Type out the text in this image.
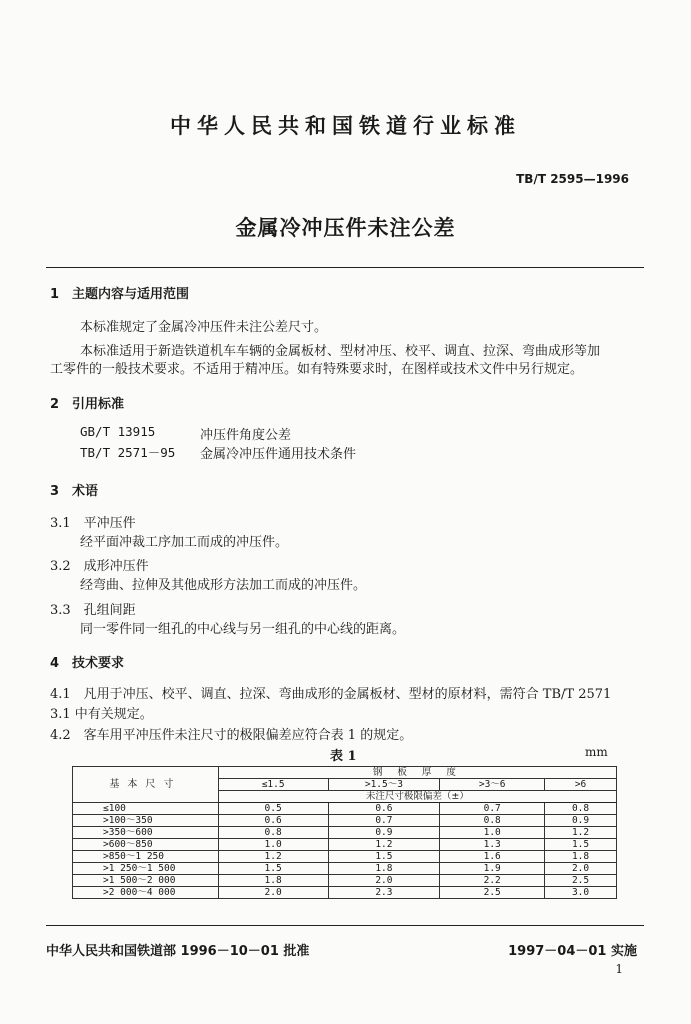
中华人民共和国铁道行业标准
TB/T 2595—1996
金属冷冲压件未注公差
1　主题内容与适用范围
本标准规定了金属冷冲压件未注公差尺寸。
本标准适用于新造铁道机车车辆的金属板材、型材冲压、校平、调直、拉深、弯曲成形等加
工零件的一般技术要求。不适用于精冲压。如有特殊要求时，在图样或技术文件中另行规定。
2　引用标准
GB/T 13915	冲压件角度公差
TB/T 2571－95 金属冷冲压件通用技术条件
3　术语
3.1　平冲压件
经平面冲裁工序加工而成的冲压件。
3.2　成形冲压件
经弯曲、拉伸及其他成形方法加工而成的冲压件。
3.3　孔组间距
同一零件同一组孔的中心线与另一组孔的中心线的距离。
4　技术要求
4.1　凡用于冲压、校平、调直、拉深、弯曲成形的金属板材、型材的原材料，需符合 TB/T 2571
3.1 中有关规定。
4.2　客车用平冲压件未注尺寸的极限偏差应符合表 1 的规定。
表 1	mm
基本尺寸	钢 板 厚 度			
	≤1.5	>1.5～3	>3～6	>6
	未注尺寸极限偏差（±）			
≤100	0.5	0.6	0.7	0.8
>100～350	0.6	0.7	0.8	0.9
>350～600	0.8	0.9	1.0	1.2
>600～850	1.0	1.2	1.3	1.5
>850～1 250	1.2	1.5	1.6	1.8
>1 250～1 500	1.5	1.8	1.9	2.0
>1 500～2 000	1.8	2.0	2.2	2.5
>2 000～4 000	2.0	2.3	2.5	3.0
中华人民共和国铁道部 1996－10－01 批准	1997－04－01 实施
1
